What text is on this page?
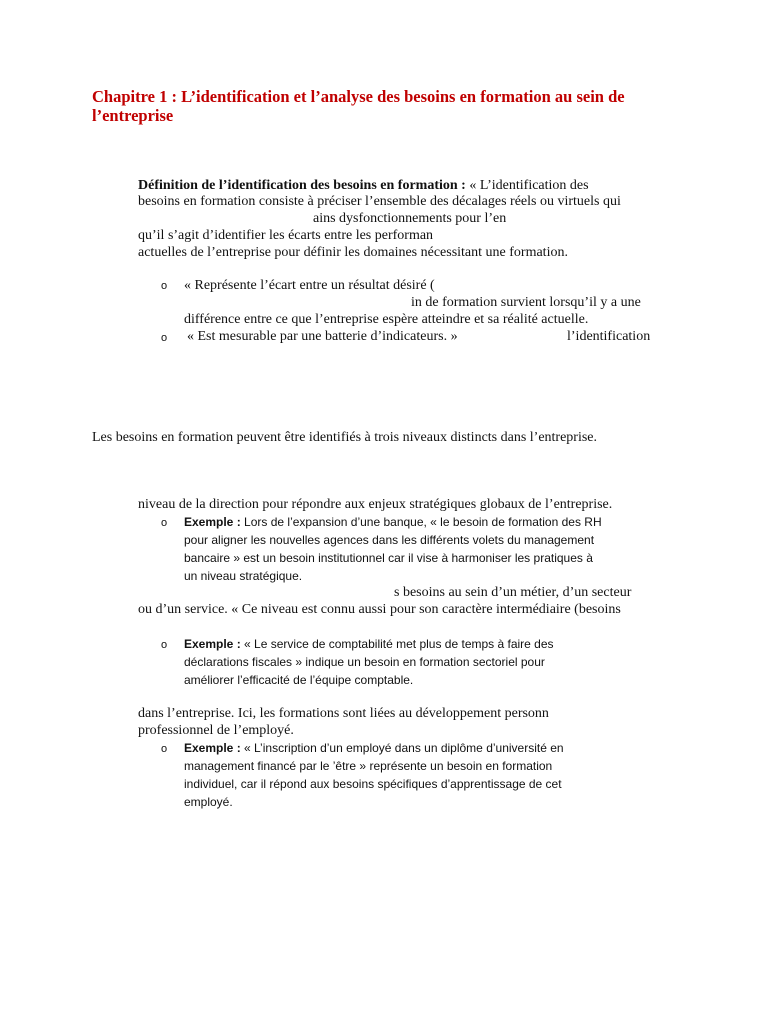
Chapitre 1 : L’identification et l’analyse des besoins en formation au sein de
l’entreprise
Définition de l’identification des besoins en formation : « L’identification des
besoins en formation consiste à préciser l’ensemble des décalages réels ou virtuels qui
ains dysfonctionnements pour l’en
qu’il s’agit d’identifier les écarts entre les performan
actuelles de l’entreprise pour définir les domaines nécessitant une formation.
o « Représente l’écart entre un résultat désiré (
in de formation survient lorsqu’il y a une
différence entre ce que l’entreprise espère atteindre et sa réalité actuelle.
o « Est mesurable par une batterie d’indicateurs. »	l’identification
Les besoins en formation peuvent être identifiés à trois niveaux distincts dans l’entreprise.
niveau de la direction pour répondre aux enjeux stratégiques globaux de l’entreprise.
o Exemple : Lors de l’expansion d’une banque, « le besoin de formation des RH
pour aligner les nouvelles agences dans les différents volets du management
bancaire » est un besoin institutionnel car il vise à harmoniser les pratiques à
un niveau stratégique.
s besoins au sein d’un métier, d’un secteur
ou d’un service. « Ce niveau est connu aussi pour son caractère intermédiaire (besoins
o Exemple : « Le service de comptabilité met plus de temps à faire des
déclarations fiscales » indique un besoin en formation sectoriel pour
améliorer l’efficacité de l’équipe comptable.
dans l’entreprise. Ici, les formations sont liées au développement personn
professionnel de l’employé.
o Exemple : « L’inscription d’un employé dans un diplôme d’université en
management financé par le ’être » représente un besoin en formation
individuel, car il répond aux besoins spécifiques d’apprentissage de cet
employé.
